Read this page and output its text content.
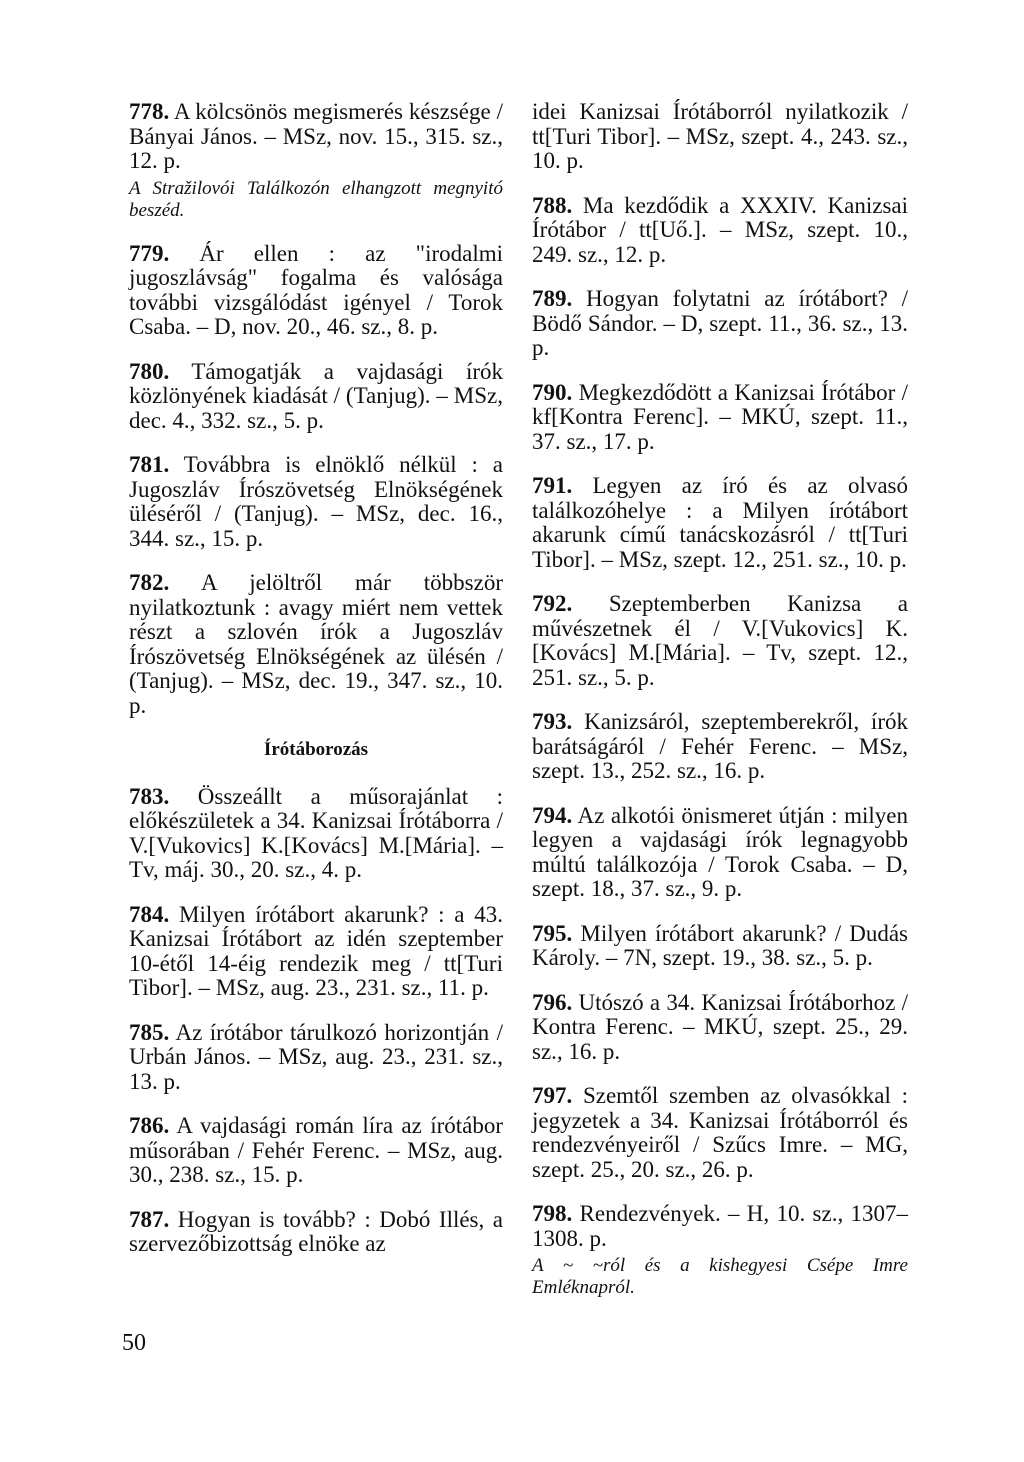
778. A kölcsönös megismerés készsége / Bányai János. – MSz, nov. 15., 315. sz., 12. p.
A Stražilovói Találkozón elhangzott megnyitó beszéd.
779. Ár ellen : az "irodalmi jugoszlávság" fogalma és valósága további vizsgálódást igényel / Torok Csaba. – D, nov. 20., 46. sz., 8. p.
780. Támogatják a vajdasági írók közlönyének kiadását / (Tanjug). – MSz, dec. 4., 332. sz., 5. p.
781. Továbbra is elnöklő nélkül : a Jugoszláv Írószövetség Elnökségének üléséről / (Tanjug). – MSz, dec. 16., 344. sz., 15. p.
782. A jelöltről már többször nyilatkoztunk : avagy miért nem vettek részt a szlovén írók a Jugoszláv Írószövetség Elnökségének az ülésén / (Tanjug). – MSz, dec. 19., 347. sz., 10. p.
Írótáborozás
783. Összeállt a műsorajánlat : előkészületek a 34. Kanizsai Írótáborra / V.[Vukovics] K.[Kovács] M.[Mária]. – Tv, máj. 30., 20. sz., 4. p.
784. Milyen írótábort akarunk? : a 43. Kanizsai Írótábort az idén szeptember 10-étől 14-éig rendezik meg / tt[Turi Tibor]. – MSz, aug. 23., 231. sz., 11. p.
785. Az írótábor tárulkozó horizontján / Urbán János. – MSz, aug. 23., 231. sz., 13. p.
786. A vajdasági román líra az írótábor műsorában / Fehér Ferenc. – MSz, aug. 30., 238. sz., 15. p.
787. Hogyan is tovább? : Dobó Illés, a szervezőbizottság elnöke az
idei Kanizsai Írótáborról nyilatkozik / tt[Turi Tibor]. – MSz, szept. 4., 243. sz., 10. p.
788. Ma kezdődik a XXXIV. Kanizsai Írótábor / tt[Uő.]. – MSz, szept. 10., 249. sz., 12. p.
789. Hogyan folytatni az írótábort? / Bödő Sándor. – D, szept. 11., 36. sz., 13. p.
790. Megkezdődött a Kanizsai Írótábor / kf[Kontra Ferenc]. – MKÚ, szept. 11., 37. sz., 17. p.
791. Legyen az író és az olvasó találkozóhelye : a Milyen írótábort akarunk című tanácskozásról / tt[Turi Tibor]. – MSz, szept. 12., 251. sz., 10. p.
792. Szeptemberben Kanizsa a művészetnek él / V.[Vukovics] K.[Kovács] M.[Mária]. – Tv, szept. 12., 251. sz., 5. p.
793. Kanizsáról, szeptemberekről, írók barátságáról / Fehér Ferenc. – MSz, szept. 13., 252. sz., 16. p.
794. Az alkotói önismeret útján : milyen legyen a vajdasági írók legnagyobb múltú találkozója / Torok Csaba. – D, szept. 18., 37. sz., 9. p.
795. Milyen írótábort akarunk? / Dudás Károly. – 7N, szept. 19., 38. sz., 5. p.
796. Utószó a 34. Kanizsai Írótáborhoz / Kontra Ferenc. – MKÚ, szept. 25., 29. sz., 16. p.
797. Szemtől szemben az olvasókkal : jegyzetek a 34. Kanizsai Írótáborról és rendezvényeiről / Szűcs Imre. – MG, szept. 25., 20. sz., 26. p.
798. Rendezvények. – H, 10. sz., 1307–1308. p.
A ~ ~ról és a kishegyesi Csépe Imre Emléknapról.
50
